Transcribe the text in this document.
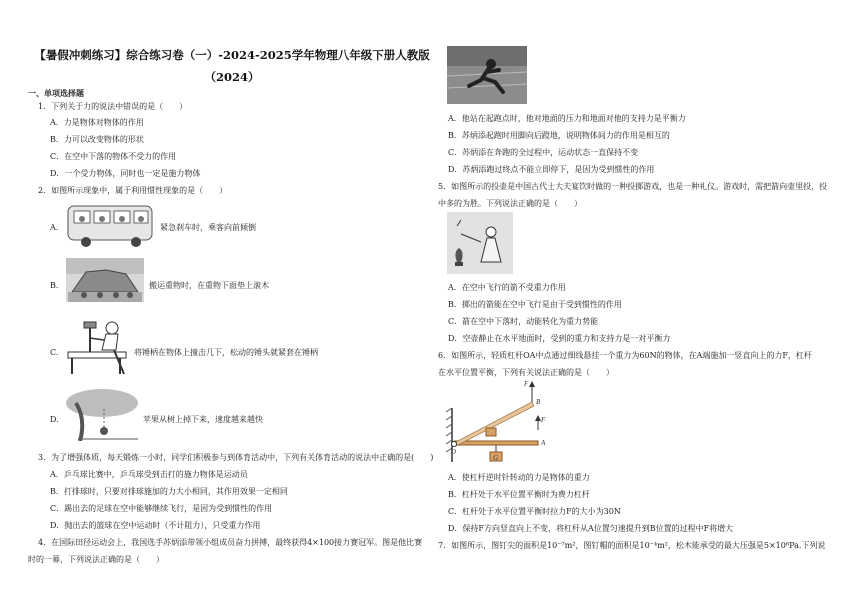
【暑假冲刺练习】综合练习卷（一）-2024-2025学年物理八年级下册人教版
（2024）
一、单项选择题
1．下列关于力的说法中错误的是（　　）
A．力是物体对物体的作用
B．力可以改变物体的形状
C．在空中下落的物体不受力的作用
D．一个受力物体，同时也一定是施力物体
2．如图所示现象中，属于利用惯性现象的是（　　）
A.	紧急刹车时，乘客向前倾倒
B.	搬运重物时，在重物下面垫上滚木
C.	将锤柄在物体上撞击几下，松动的锤头就紧套在锤柄
D.	苹果从树上掉下来，速度越来越快
3．为了增强体质，每天锻炼一小时，同学们积极参与到体育活动中，下列有关体育活动的说法中正确的是(　　)
A．乒乓球比赛中，乒乓球受到击打的施力物体是运动员
B．打排球时，只要对排球施加的力大小相同，其作用效果一定相同
C．踢出去的足球在空中能够继续飞行，是因为受到惯性的作用
D．抛出去的篮球在空中运动时（不计阻力），只受重力作用
4．在国际田径运动会上，我国选手苏炳添带领小组成员奋力拼搏，最终获得4×100接力赛冠军。图是他比赛
时的一幕，下列说法正确的是（　　）
A．他站在起跑点时，他对地面的压力和地面对他的支持力是平衡力
B．苏炳添起跑时用脚向后蹬地，说明物体间力的作用是相互的
C．苏炳添在奔跑的全过程中，运动状态一直保持不变
D．苏炳添跑过终点不能立即停下，是因为受到惯性的作用
5．如图所示的投壶是中国古代士大夫宴饮时做的一种投掷游戏，也是一种礼仪。游戏时，需把箭向壶里投，投
中多的为胜。下列说法正确的是（　　）
A．在空中飞行的箭不受重力作用
B．掷出的箭能在空中飞行是由于受到惯性的作用
C．箭在空中下落时，动能转化为重力势能
D．空壶静止在水平地面时，受到的重力和支持力是一对平衡力
6．如图所示，轻质杠杆OA中点通过细线悬挂一个重力为60N的物体，在A端施加一竖直向上的力F，杠杆
在水平位置平衡，下列有关说法正确的是（　　）
F
B
F
A
O
G
A．使杠杆逆时针转动的力是物体的重力
B．杠杆处于水平位置平衡时为费力杠杆
C．杠杆处于水平位置平衡时拉力F的大小为30N
D．保持F方向竖直向上不变，将杠杆从A位置匀速提升到B位置的过程中F将增大
7．如图所示，图钉尖的面积是10⁻⁷m²，图钉帽的面积是10⁻⁴m²，松木能承受的最大压强是5×10⁶Pa.下列说
